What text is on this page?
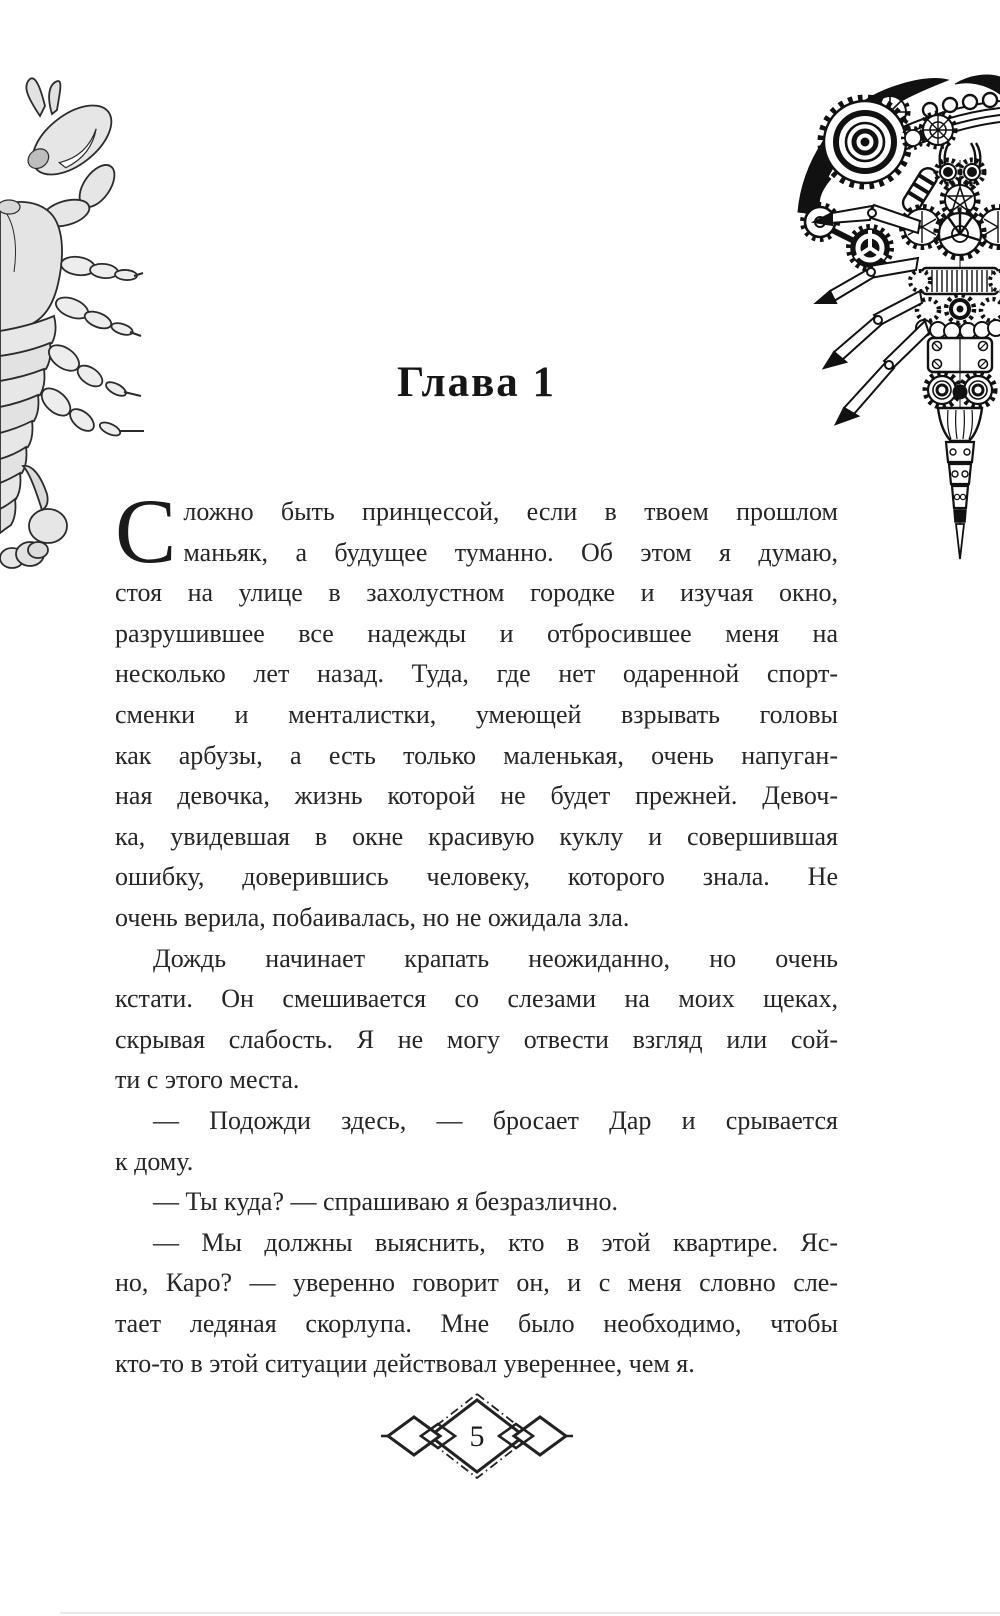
Глава 1
С ложно быть принцессой, если в твоем прошлом
маньяк, а будущее туманно. Об этом я думаю,
стоя на улице в захолустном городке и изучая окно,
разрушившее все надежды и отбросившее меня на
несколько лет назад. Туда, где нет одаренной спорт-
сменки и менталистки, умеющей взрывать головы
как арбузы, а есть только маленькая, очень напуган-
ная девочка, жизнь которой не будет прежней. Девоч-
ка, увидевшая в окне красивую куклу и совершившая
ошибку, доверившись человеку, которого знала. Не
очень верила, побаивалась, но не ожидала зла.
Дождь начинает крапать неожиданно, но очень
кстати. Он смешивается со слезами на моих щеках,
скрывая слабость. Я не могу отвести взгляд или сой-
ти с этого места.
— Подожди здесь, — бросает Дар и срывается
к дому.
— Ты куда? — спрашиваю я безразлично.
— Мы должны выяснить, кто в этой квартире. Яс-
но, Каро? — уверенно говорит он, и с меня словно сле-
тает ледяная скорлупа. Мне было необходимо, чтобы
кто-то в этой ситуации действовал увереннее, чем я.
5
